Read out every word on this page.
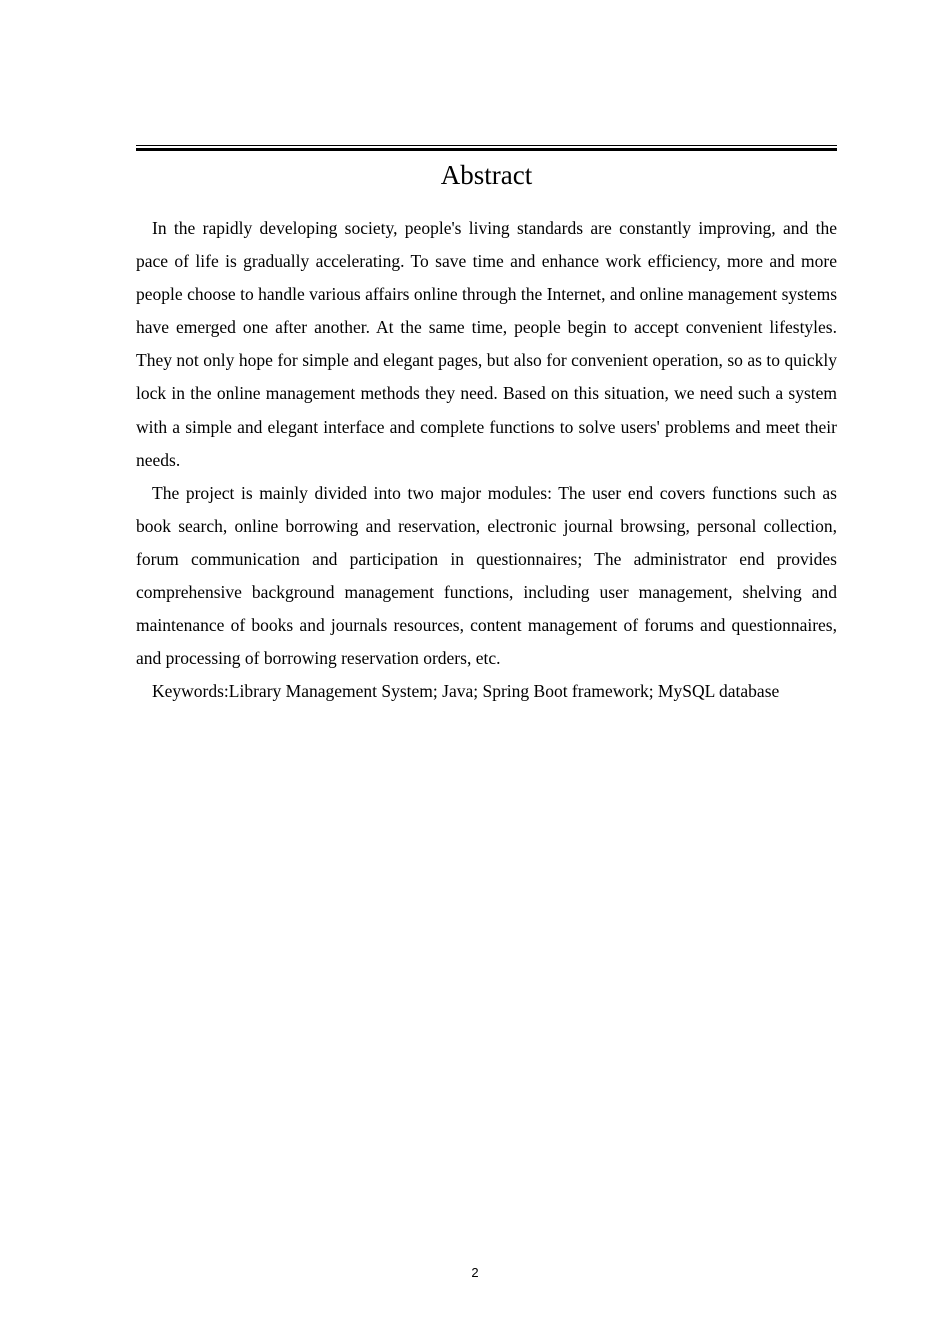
Abstract

In the rapidly developing society, people's living standards are constantly improving, and the pace of life is gradually accelerating. To save time and enhance work efficiency, more and more people choose to handle various affairs online through the Internet, and online management systems have emerged one after another. At the same time, people begin to accept convenient lifestyles. They not only hope for simple and elegant pages, but also for convenient operation, so as to quickly lock in the online management methods they need. Based on this situation, we need such a system with a simple and elegant interface and complete functions to solve users' problems and meet their needs.

The project is mainly divided into two major modules: The user end covers functions such as book search, online borrowing and reservation, electronic journal browsing, personal collection, forum communication and participation in questionnaires; The administrator end provides comprehensive background management functions, including user management, shelving and maintenance of books and journals resources, content management of forums and questionnaires, and processing of borrowing reservation orders, etc.

Keywords:Library Management System; Java; Spring Boot framework; MySQL database

2
